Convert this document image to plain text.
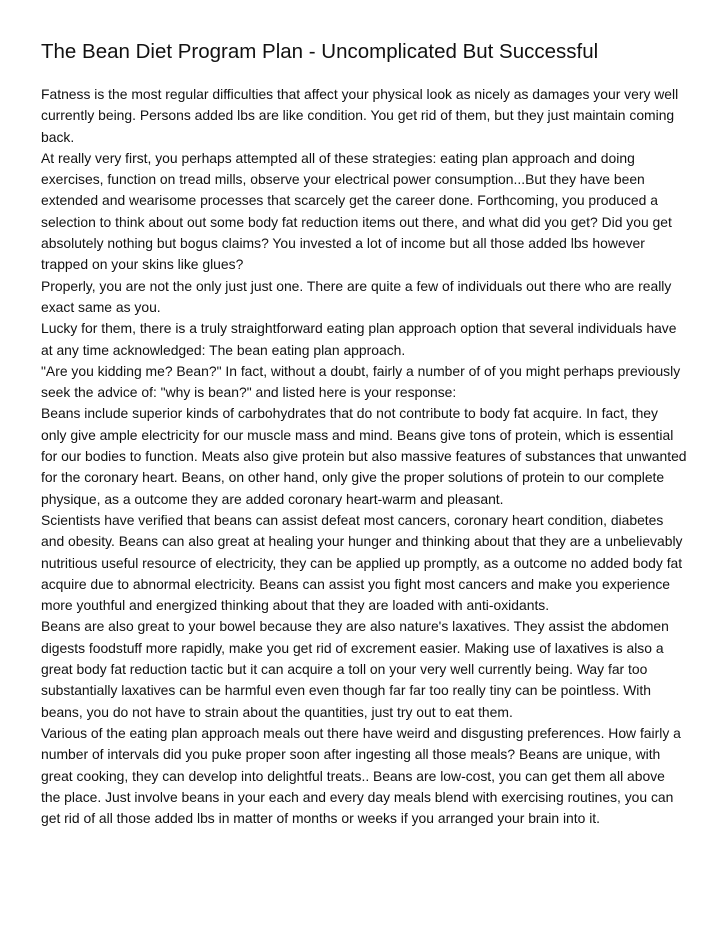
The Bean Diet Program Plan - Uncomplicated But Successful

Fatness is the most regular difficulties that affect your physical look as nicely as damages your very well currently being. Persons added lbs are like condition. You get rid of them, but they just maintain coming back.

At really very first, you perhaps attempted all of these strategies: eating plan approach and doing exercises, function on tread mills, observe your electrical power consumption...But they have been extended and wearisome processes that scarcely get the career done. Forthcoming, you produced a selection to think about out some body fat reduction items out there, and what did you get? Did you get absolutely nothing but bogus claims? You invested a lot of income but all those added lbs however trapped on your skins like glues?

Properly, you are not the only just just one. There are quite a few of individuals out there who are really exact same as you.

Lucky for them, there is a truly straightforward eating plan approach option that several individuals have at any time acknowledged: The bean eating plan approach.

"Are you kidding me? Bean?" In fact, without a doubt, fairly a number of of you might perhaps previously seek the advice of: "why is bean?" and listed here is your response:

Beans include superior kinds of carbohydrates that do not contribute to body fat acquire. In fact, they only give ample electricity for our muscle mass and mind. Beans give tons of protein, which is essential for our bodies to function. Meats also give protein but also massive features of substances that unwanted for the coronary heart. Beans, on other hand, only give the proper solutions of protein to our complete physique, as a outcome they are added coronary heart-warm and pleasant.

Scientists have verified that beans can assist defeat most cancers, coronary heart condition, diabetes and obesity. Beans can also great at healing your hunger and thinking about that they are a unbelievably nutritious useful resource of electricity, they can be applied up promptly, as a outcome no added body fat acquire due to abnormal electricity. Beans can assist you fight most cancers and make you experience more youthful and energized thinking about that they are loaded with anti-oxidants.

Beans are also great to your bowel because they are also nature's laxatives. They assist the abdomen digests foodstuff more rapidly, make you get rid of excrement easier. Making use of laxatives is also a great body fat reduction tactic but it can acquire a toll on your very well currently being. Way far too substantially laxatives can be harmful even even though far far too really tiny can be pointless. With beans, you do not have to strain about the quantities, just try out to eat them.

Various of the eating plan approach meals out there have weird and disgusting preferences. How fairly a number of intervals did you puke proper soon after ingesting all those meals? Beans are unique, with great cooking, they can develop into delightful treats.. Beans are low-cost, you can get them all above the place. Just involve beans in your each and every day meals blend with exercising routines, you can get rid of all those added lbs in matter of months or weeks if you arranged your brain into it.
